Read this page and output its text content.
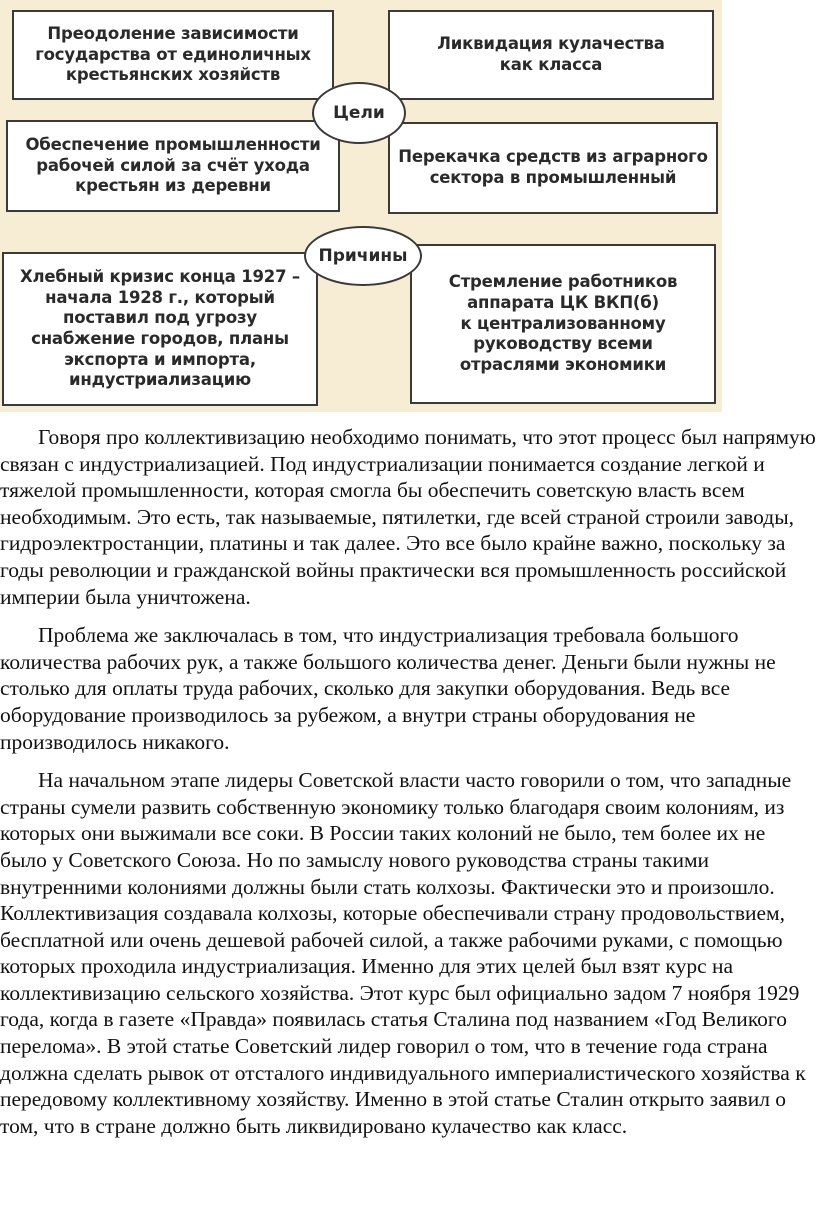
Преодоление зависимости
государства от единоличных
крестьянских хозяйств
Ликвидация кулачества
как класса
Обеспечение промышленности
рабочей силой за счёт ухода
крестьян из деревни
Перекачка средств из аграрного
сектора в промышленный
Цели
Хлебный кризис конца 1927 –
начала 1928 г., который
поставил под угрозу
снабжение городов, планы
экспорта и импорта,
индустриализацию
Стремление работников
аппарата ЦК ВКП(б)
к централизованному
руководству всеми
отраслями экономики
Причины

Говоря про коллективизацию необходимо понимать, что этот процесс был напрямую связан с индустриализацией. Под индустриализации понимается создание легкой и тяжелой промышленности, которая смогла бы обеспечить советскую власть всем необходимым. Это есть, так называемые, пятилетки, где всей страной строили заводы, гидроэлектростанции, платины и так далее. Это все было крайне важно, поскольку за годы революции и гражданской войны практически вся промышленность российской империи была уничтожена.

Проблема же заключалась в том, что индустриализация требовала большого количества рабочих рук, а также большого количества денег. Деньги были нужны не столько для оплаты труда рабочих, сколько для закупки оборудования. Ведь все оборудование производилось за рубежом, а внутри страны оборудования не производилось никакого.

На начальном этапе лидеры Советской власти часто говорили о том, что западные страны сумели развить собственную экономику только благодаря своим колониям, из которых они выжимали все соки. В России таких колоний не было, тем более их не было у Советского Союза. Но по замыслу нового руководства страны такими внутренними колониями должны были стать колхозы. Фактически это и произошло. Коллективизация создавала колхозы, которые обеспечивали страну продовольствием, бесплатной или очень дешевой рабочей силой, а также рабочими руками, с помощью которых проходила индустриализация. Именно для этих целей был взят курс на коллективизацию сельского хозяйства. Этот курс был официально задом 7 ноября 1929 года, когда в газете «Правда» появилась статья Сталина под названием «Год Великого перелома». В этой статье Советский лидер говорил о том, что в течение года страна должна сделать рывок от отсталого индивидуального империалистического хозяйства к передовому коллективному хозяйству. Именно в этой статье Сталин открыто заявил о том, что в стране должно быть ликвидировано кулачество как класс.
